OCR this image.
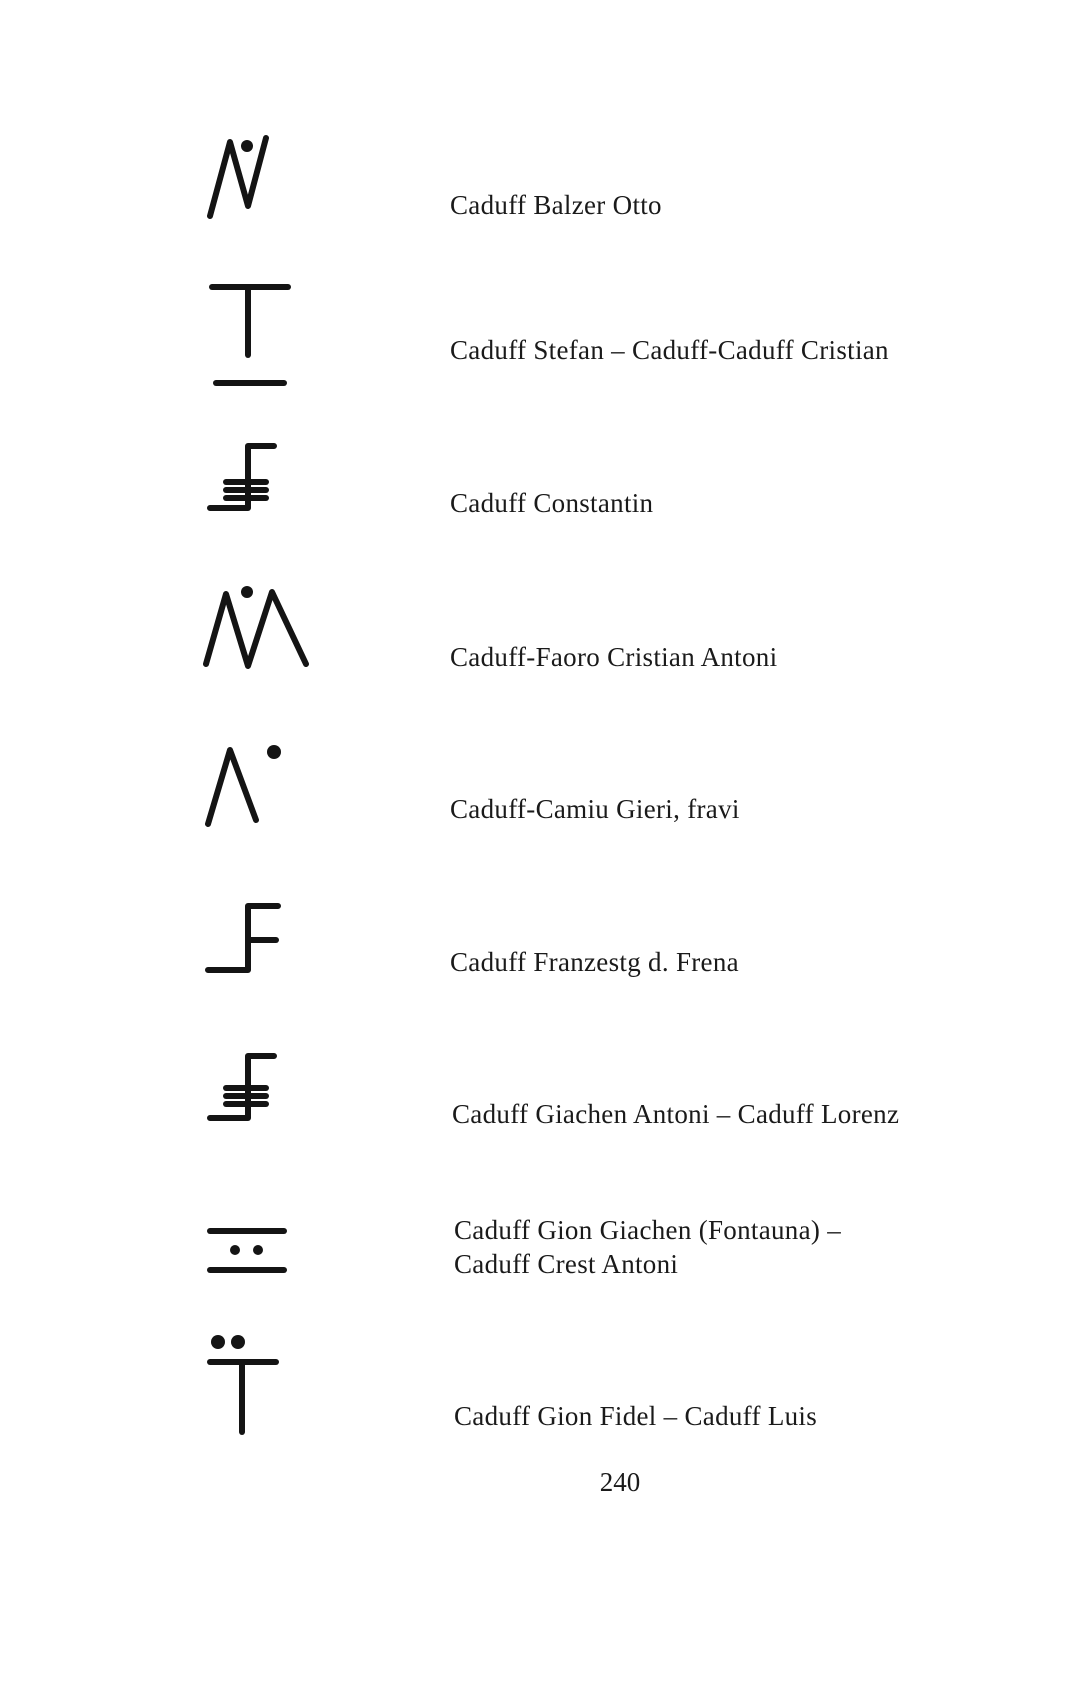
Caduff Balzer Otto
Caduff Stefan – Caduff-Caduff Cristian
Caduff Constantin
Caduff-Faoro Cristian Antoni
Caduff-Camiu Gieri, fravi
Caduff Franzestg d. Frena
Caduff Giachen Antoni – Caduff Lorenz
Caduff Gion Giachen (Fontauna) –
Caduff Crest Antoni
Caduff Gion Fidel – Caduff Luis
240
